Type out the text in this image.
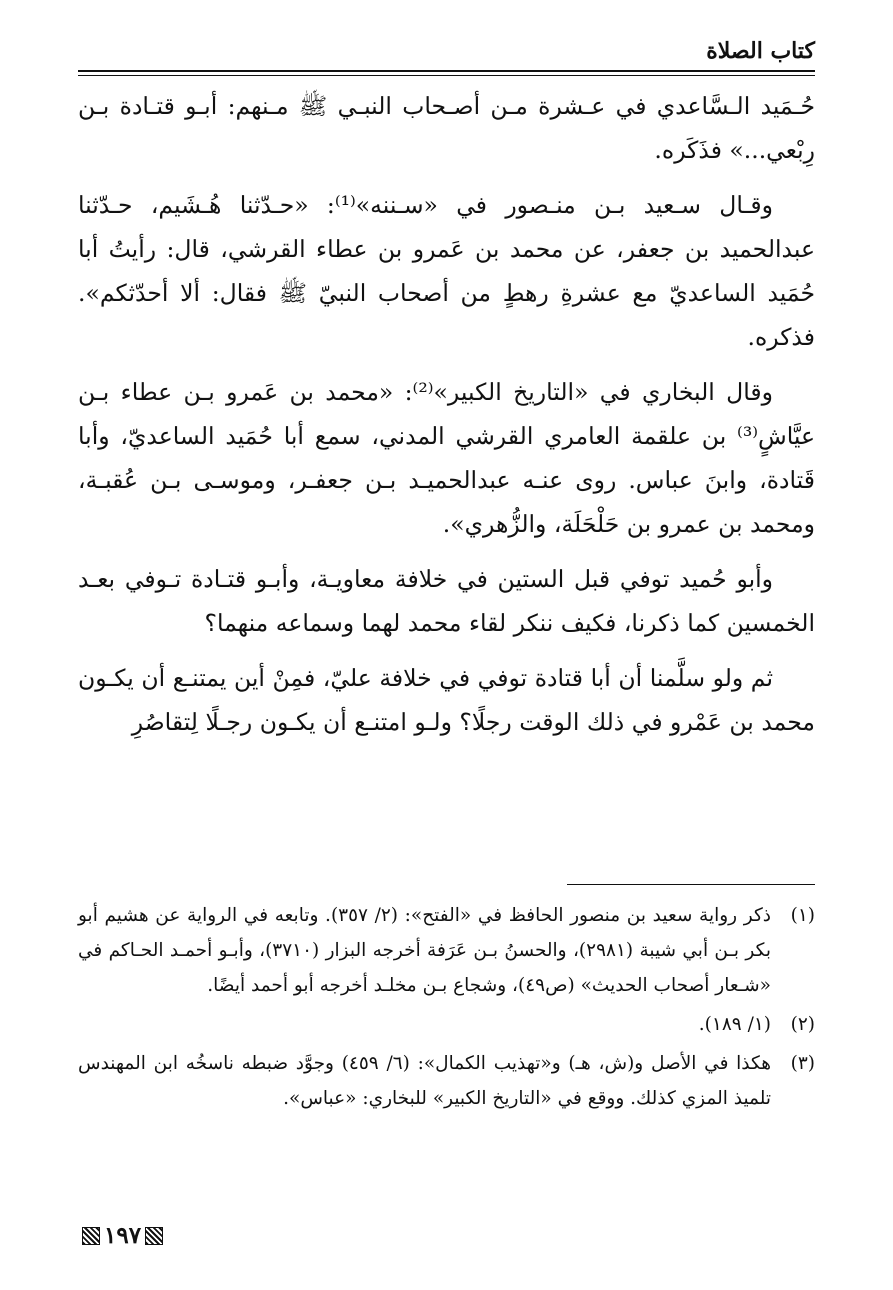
كتاب الصلاة

حُـمَيد الـسَّاعدي في عـشرة مـن أصـحاب النبـي ﷺ مـنهم: أبـو قتـادة بـن رِبْعي...» فذَكَره.

وقـال سـعيد بـن منـصور في «سـننه»⁽¹⁾: «حـدّثنا هُـشَيم، حـدّثنا عبدالحميد بن جعفر، عن محمد بن عَمرو بن عطاء القرشي، قال: رأيتُ أبا حُمَيد الساعديّ مع عشرةِ رهطٍ من أصحاب النبيّ ﷺ فقال: ألا أحدّثكم». فذكره.

وقال البخاري في «التاريخ الكبير»⁽²⁾: «محمد بن عَمرو بـن عطاء بـن عيَّاشٍ⁽³⁾ بن علقمة العامري القرشي المدني، سمع أبا حُمَيد الساعديّ، وأبا قَتادة، وابنَ عباس. روى عنـه عبدالحميـد بـن جعفـر، وموسـى بـن عُقبـة، ومحمد بن عمرو بن حَلْحَلَة، والزُّهري».

وأبو حُميد توفي قبل الستين في خلافة معاويـة، وأبـو قتـادة تـوفي بعـد الخمسين كما ذكرنا، فكيف ننكر لقاء محمد لهما وسماعه منهما؟

ثم ولو سلَّمنا أن أبا قتادة توفي في خلافة عليّ، فمِنْ أين يمتنـع أن يكـون محمد بن عَمْرو في ذلك الوقت رجلًا؟ ولـو امتنـع أن يكـون رجـلًا لِتقاصُرِ

(١)
ذكر رواية سعيد بن منصور الحافظ في «الفتح»: (٢/ ٣٥٧). وتابعه في الرواية عن هشيم أبو بكر بـن أبي شيبة (٢٩٨١)، والحسنُ بـن عَرَفة أخرجه البزار (٣٧١٠)، وأبـو أحمـد الحـاكم في «شـعار أصحاب الحديث» (ص٤٩)، وشجاع بـن مخلـد أخرجه أبو أحمد أيضًا.
(٢)
(١/ ١٨٩).
(٣)
هكذا في الأصل و(ش، هـ) و«تهذيب الكمال»: (٦/ ٤٥٩) وجوَّد ضبطه ناسخُه ابن المهندس تلميذ المزي كذلك. ووقع في «التاريخ الكبير» للبخاري: «عباس».
١٩٧
